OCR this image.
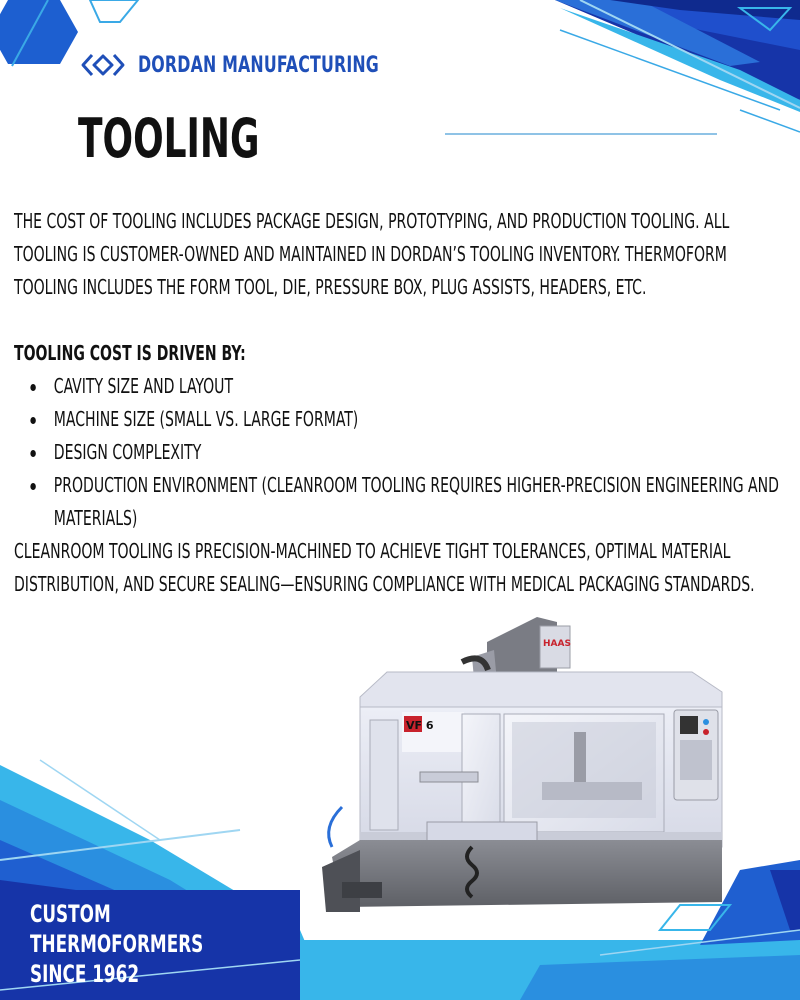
DORDAN MANUFACTURING
TOOLING

THE COST OF TOOLING INCLUDES PACKAGE DESIGN, PROTOTYPING, AND PRODUCTION TOOLING. ALL TOOLING IS CUSTOMER-OWNED AND MAINTAINED IN DORDAN’S TOOLING INVENTORY. THERMOFORM TOOLING INCLUDES THE FORM TOOL, DIE, PRESSURE BOX, PLUG ASSISTS, HEADERS, ETC.

TOOLING COST IS DRIVEN BY:

CAVITY SIZE AND LAYOUT
MACHINE SIZE (SMALL VS. LARGE FORMAT)
DESIGN COMPLEXITY
PRODUCTION ENVIRONMENT (CLEANROOM TOOLING REQUIRES HIGHER-PRECISION ENGINEERING AND MATERIALS)

CLEANROOM TOOLING IS PRECISION-MACHINED TO ACHIEVE TIGHT TOLERANCES, OPTIMAL MATERIAL DISTRIBUTION, AND SECURE SEALING—ENSURING COMPLIANCE WITH MEDICAL PACKAGING STANDARDS.

HAAS
VF 6
CUSTOM
THERMOFORMERS
SINCE 1962
